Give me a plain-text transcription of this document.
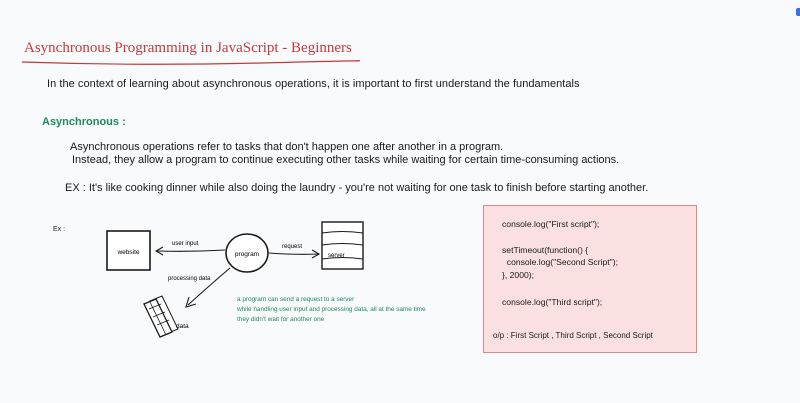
Asynchronous Programming in JavaScript - Beginners
In the context of learning about asynchronous operations, it is important to first understand the fundamentals
Asynchronous :
Asynchronous operations refer to tasks that don't happen one after another in a program.
Instead, they allow a program to continue executing other tasks while waiting for certain time-consuming actions.
EX : It's like cooking dinner while also doing the laundry - you're not waiting for one task to finish before starting another.
Ex :
website	program	server
data
user input	request
processing data
a program can send a request to a server
while handling user input and processing data, all at the same time
they didn't wait for another one
console.log("First script");
setTimeout(function() {
console.log("Second Script");
}, 2000);
console.log("Third script");
o/p : First Script , Third Script , Second Script
